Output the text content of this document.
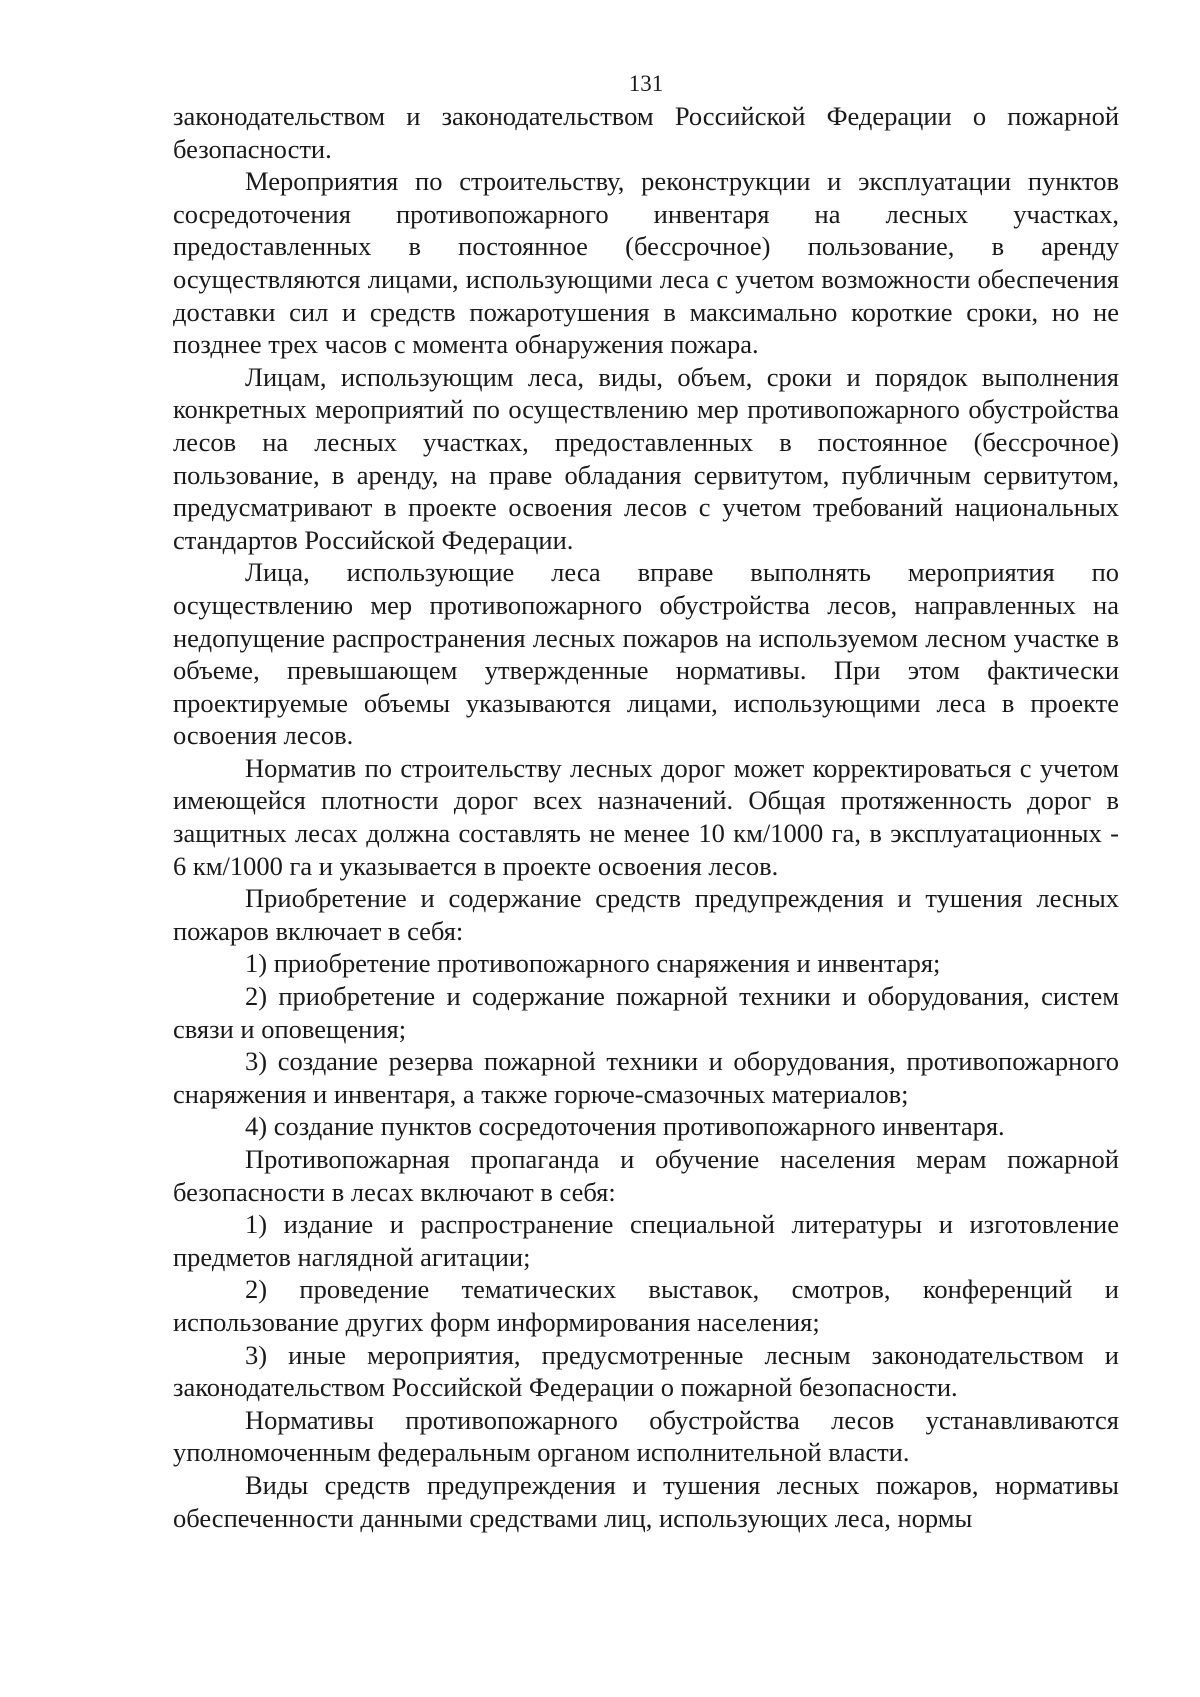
131

законодательством и законодательством Российской Федерации о пожарной безопасности.

Мероприятия по строительству, реконструкции и эксплуатации пунктов сосредоточения противопожарного инвентаря на лесных участках, предоставленных в постоянное (бессрочное) пользование, в аренду осуществляются лицами, использующими леса с учетом возможности обеспечения доставки сил и средств пожаротушения в максимально короткие сроки, но не позднее трех часов с момента обнаружения пожара.

Лицам, использующим леса, виды, объем, сроки и порядок выполнения конкретных мероприятий по осуществлению мер противопожарного обустройства лесов на лесных участках, предоставленных в постоянное (бессрочное) пользование, в аренду, на праве обладания сервитутом, публичным сервитутом, предусматривают в проекте освоения лесов с учетом требований национальных стандартов Российской Федерации.

Лица, использующие леса вправе выполнять мероприятия по осуществлению мер противопожарного обустройства лесов, направленных на недопущение распространения лесных пожаров на используемом лесном участке в объеме, превышающем утвержденные нормативы. При этом фактически проектируемые объемы указываются лицами, использующими леса в проекте освоения лесов.

Норматив по строительству лесных дорог может корректироваться с учетом имеющейся плотности дорог всех назначений. Общая протяженность дорог в защитных лесах должна составлять не менее 10 км/1000 га, в эксплуатационных - 6 км/1000 га и указывается в проекте освоения лесов.

Приобретение и содержание средств предупреждения и тушения лесных пожаров включает в себя:

1) приобретение противопожарного снаряжения и инвентаря;

2) приобретение и содержание пожарной техники и оборудования, систем связи и оповещения;

3) создание резерва пожарной техники и оборудования, противопожарного снаряжения и инвентаря, а также горюче-смазочных материалов;

4) создание пунктов сосредоточения противопожарного инвентаря.

Противопожарная пропаганда и обучение населения мерам пожарной безопасности в лесах включают в себя:

1) издание и распространение специальной литературы и изготовление предметов наглядной агитации;

2) проведение тематических выставок, смотров, конференций и использование других форм информирования населения;

3) иные мероприятия, предусмотренные лесным законодательством и законодательством Российской Федерации о пожарной безопасности.

Нормативы противопожарного обустройства лесов устанавливаются уполномоченным федеральным органом исполнительной власти.

Виды средств предупреждения и тушения лесных пожаров, нормативы обеспеченности данными средствами лиц, использующих леса, нормы
